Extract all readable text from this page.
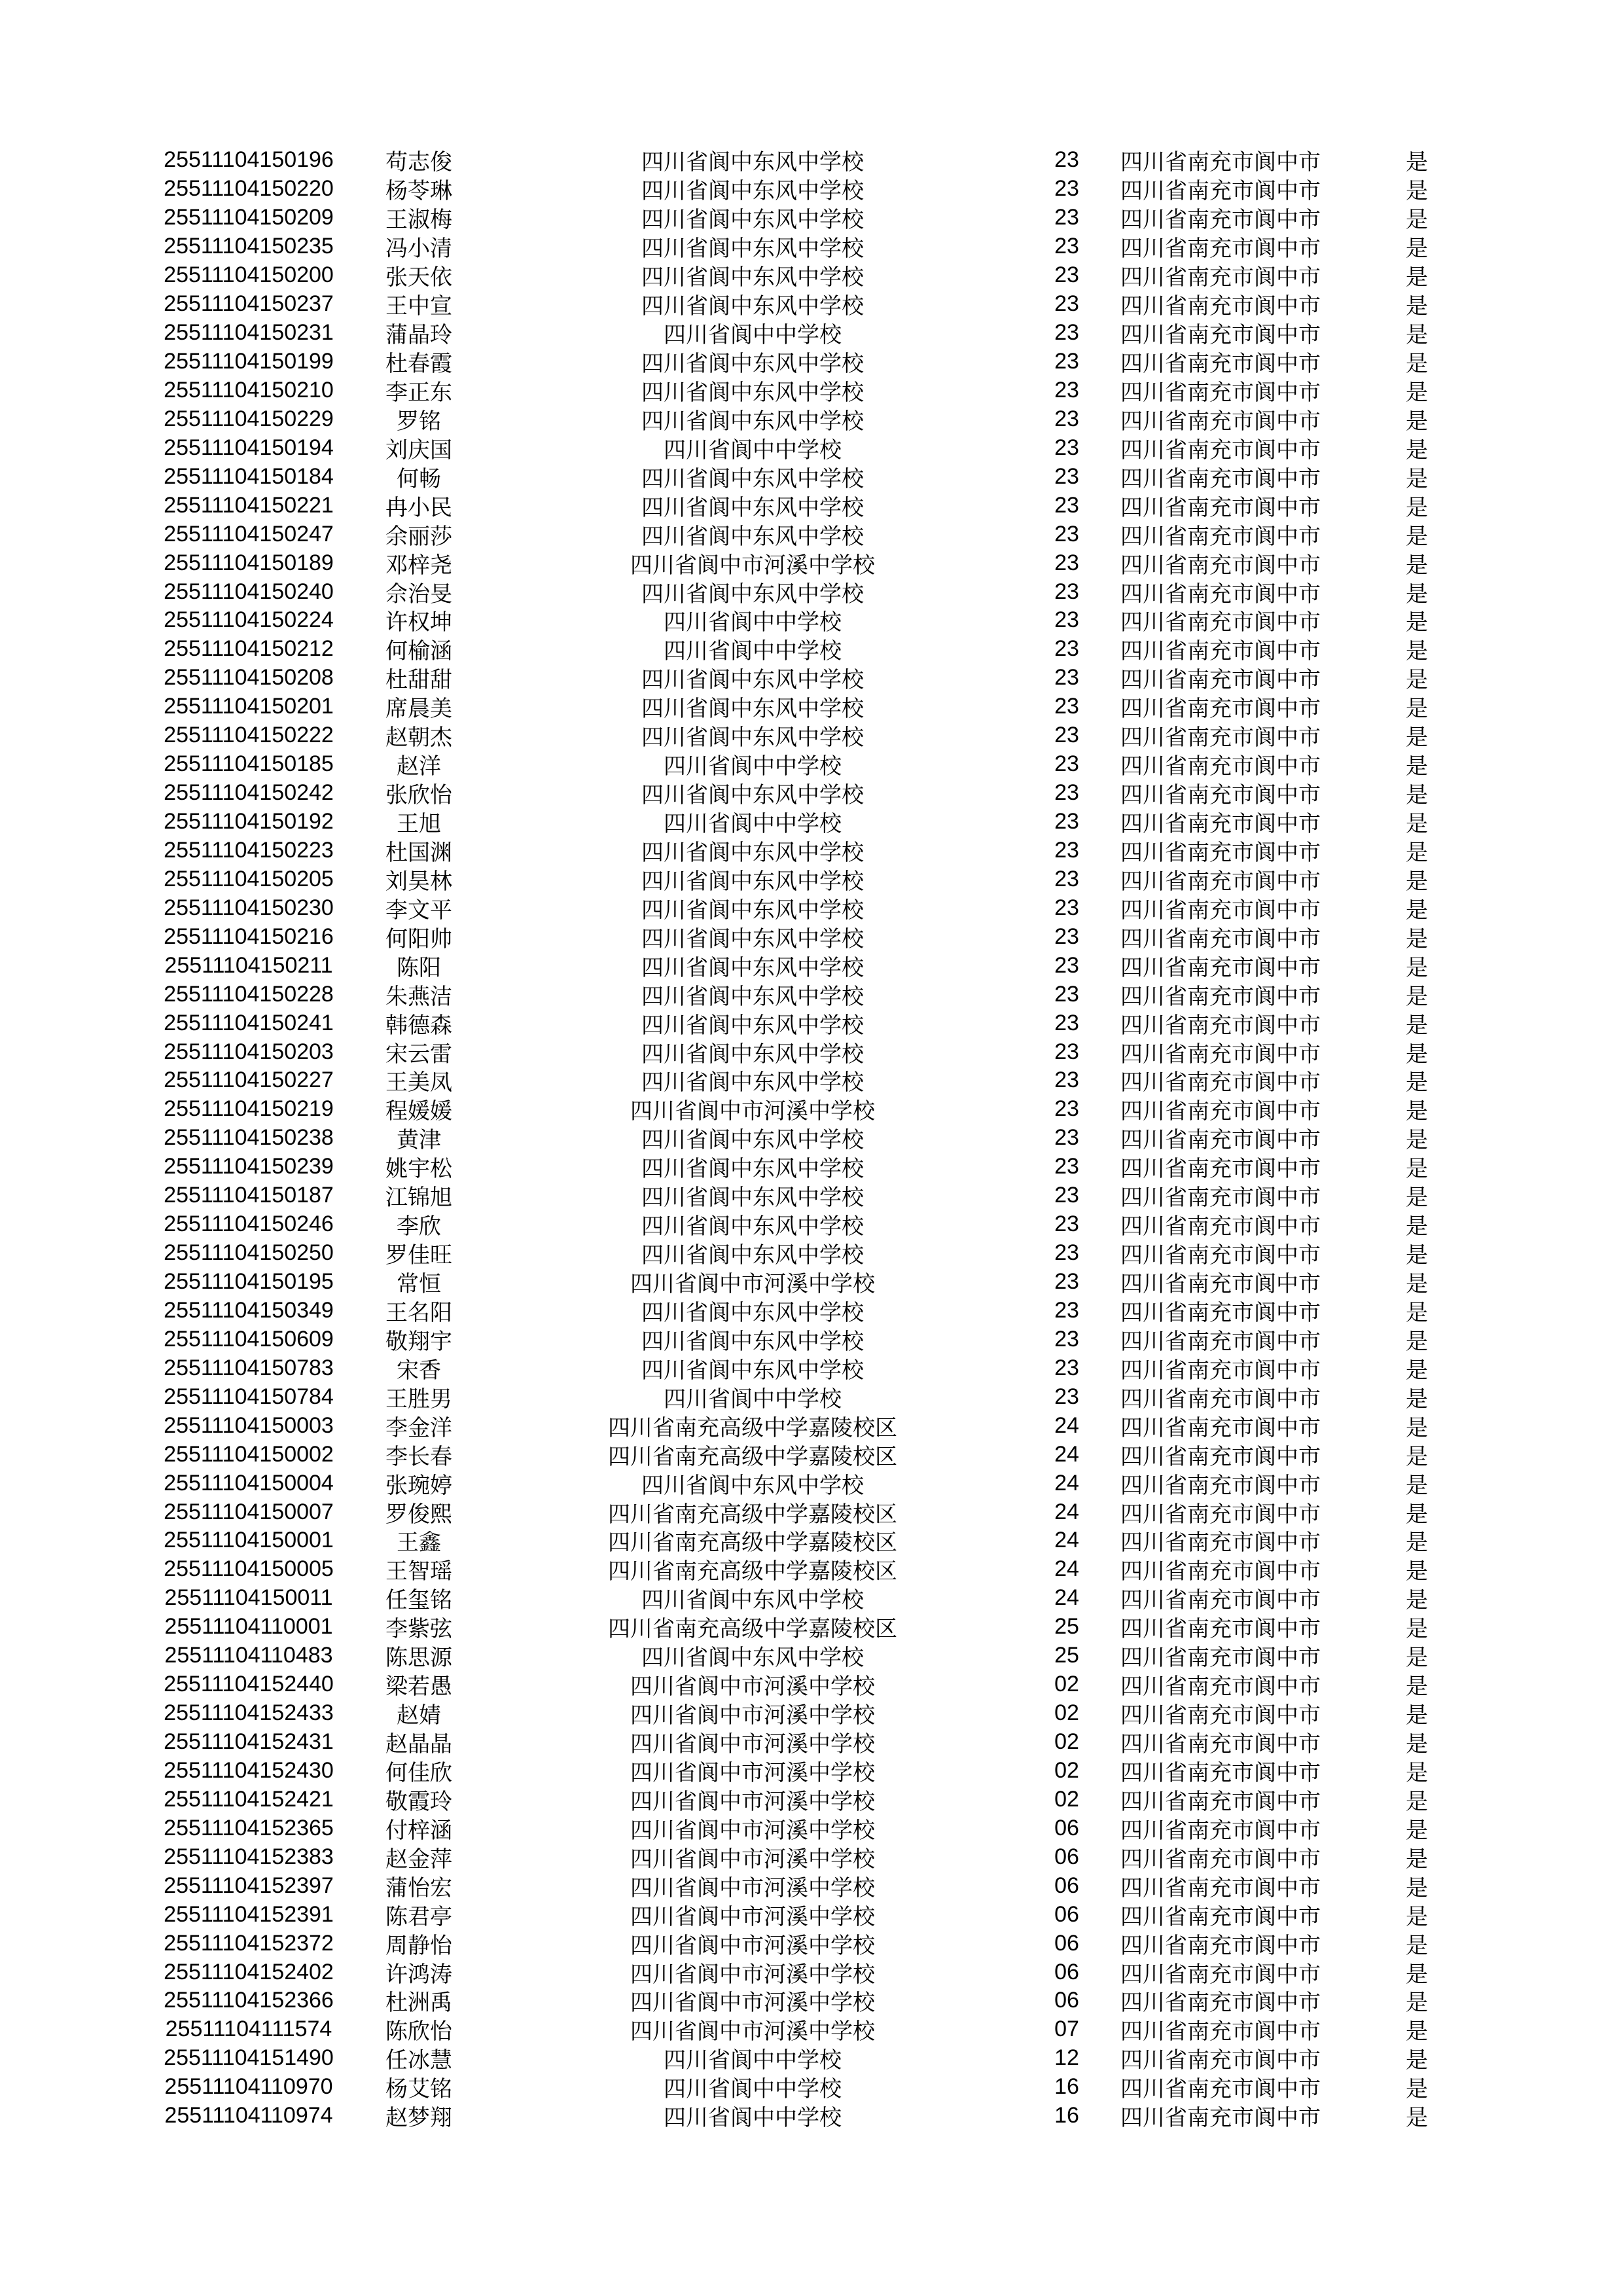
25511104150196	苟志俊	四川省阆中东风中学校	23	四川省南充市阆中市	是
25511104150220	杨苓琳	四川省阆中东风中学校	23	四川省南充市阆中市	是
25511104150209	王淑梅	四川省阆中东风中学校	23	四川省南充市阆中市	是
25511104150235	冯小清	四川省阆中东风中学校	23	四川省南充市阆中市	是
25511104150200	张天依	四川省阆中东风中学校	23	四川省南充市阆中市	是
25511104150237	王中宣	四川省阆中东风中学校	23	四川省南充市阆中市	是
25511104150231	蒲晶玲	四川省阆中中学校	23	四川省南充市阆中市	是
25511104150199	杜春霞	四川省阆中东风中学校	23	四川省南充市阆中市	是
25511104150210	李正东	四川省阆中东风中学校	23	四川省南充市阆中市	是
25511104150229	罗铭	四川省阆中东风中学校	23	四川省南充市阆中市	是
25511104150194	刘庆国	四川省阆中中学校	23	四川省南充市阆中市	是
25511104150184	何畅	四川省阆中东风中学校	23	四川省南充市阆中市	是
25511104150221	冉小民	四川省阆中东风中学校	23	四川省南充市阆中市	是
25511104150247	余丽莎	四川省阆中东风中学校	23	四川省南充市阆中市	是
25511104150189	邓梓尧	四川省阆中市河溪中学校	23	四川省南充市阆中市	是
25511104150240	佘治旻	四川省阆中东风中学校	23	四川省南充市阆中市	是
25511104150224	许权坤	四川省阆中中学校	23	四川省南充市阆中市	是
25511104150212	何榆涵	四川省阆中中学校	23	四川省南充市阆中市	是
25511104150208	杜甜甜	四川省阆中东风中学校	23	四川省南充市阆中市	是
25511104150201	席晨美	四川省阆中东风中学校	23	四川省南充市阆中市	是
25511104150222	赵朝杰	四川省阆中东风中学校	23	四川省南充市阆中市	是
25511104150185	赵洋	四川省阆中中学校	23	四川省南充市阆中市	是
25511104150242	张欣怡	四川省阆中东风中学校	23	四川省南充市阆中市	是
25511104150192	王旭	四川省阆中中学校	23	四川省南充市阆中市	是
25511104150223	杜国渊	四川省阆中东风中学校	23	四川省南充市阆中市	是
25511104150205	刘昊林	四川省阆中东风中学校	23	四川省南充市阆中市	是
25511104150230	李文平	四川省阆中东风中学校	23	四川省南充市阆中市	是
25511104150216	何阳帅	四川省阆中东风中学校	23	四川省南充市阆中市	是
25511104150211	陈阳	四川省阆中东风中学校	23	四川省南充市阆中市	是
25511104150228	朱燕洁	四川省阆中东风中学校	23	四川省南充市阆中市	是
25511104150241	韩德森	四川省阆中东风中学校	23	四川省南充市阆中市	是
25511104150203	宋云雷	四川省阆中东风中学校	23	四川省南充市阆中市	是
25511104150227	王美凤	四川省阆中东风中学校	23	四川省南充市阆中市	是
25511104150219	程媛媛	四川省阆中市河溪中学校	23	四川省南充市阆中市	是
25511104150238	黄津	四川省阆中东风中学校	23	四川省南充市阆中市	是
25511104150239	姚宇松	四川省阆中东风中学校	23	四川省南充市阆中市	是
25511104150187	江锦旭	四川省阆中东风中学校	23	四川省南充市阆中市	是
25511104150246	李欣	四川省阆中东风中学校	23	四川省南充市阆中市	是
25511104150250	罗佳旺	四川省阆中东风中学校	23	四川省南充市阆中市	是
25511104150195	常恒	四川省阆中市河溪中学校	23	四川省南充市阆中市	是
25511104150349	王名阳	四川省阆中东风中学校	23	四川省南充市阆中市	是
25511104150609	敬翔宇	四川省阆中东风中学校	23	四川省南充市阆中市	是
25511104150783	宋香	四川省阆中东风中学校	23	四川省南充市阆中市	是
25511104150784	王胜男	四川省阆中中学校	23	四川省南充市阆中市	是
25511104150003	李金洋	四川省南充高级中学嘉陵校区	24	四川省南充市阆中市	是
25511104150002	李长春	四川省南充高级中学嘉陵校区	24	四川省南充市阆中市	是
25511104150004	张琬婷	四川省阆中东风中学校	24	四川省南充市阆中市	是
25511104150007	罗俊熙	四川省南充高级中学嘉陵校区	24	四川省南充市阆中市	是
25511104150001	王鑫	四川省南充高级中学嘉陵校区	24	四川省南充市阆中市	是
25511104150005	王智瑶	四川省南充高级中学嘉陵校区	24	四川省南充市阆中市	是
25511104150011	任玺铭	四川省阆中东风中学校	24	四川省南充市阆中市	是
25511104110001	李紫弦	四川省南充高级中学嘉陵校区	25	四川省南充市阆中市	是
25511104110483	陈思源	四川省阆中东风中学校	25	四川省南充市阆中市	是
25511104152440	梁若愚	四川省阆中市河溪中学校	02	四川省南充市阆中市	是
25511104152433	赵婧	四川省阆中市河溪中学校	02	四川省南充市阆中市	是
25511104152431	赵晶晶	四川省阆中市河溪中学校	02	四川省南充市阆中市	是
25511104152430	何佳欣	四川省阆中市河溪中学校	02	四川省南充市阆中市	是
25511104152421	敬霞玲	四川省阆中市河溪中学校	02	四川省南充市阆中市	是
25511104152365	付梓涵	四川省阆中市河溪中学校	06	四川省南充市阆中市	是
25511104152383	赵金萍	四川省阆中市河溪中学校	06	四川省南充市阆中市	是
25511104152397	蒲怡宏	四川省阆中市河溪中学校	06	四川省南充市阆中市	是
25511104152391	陈君亭	四川省阆中市河溪中学校	06	四川省南充市阆中市	是
25511104152372	周静怡	四川省阆中市河溪中学校	06	四川省南充市阆中市	是
25511104152402	许鸿涛	四川省阆中市河溪中学校	06	四川省南充市阆中市	是
25511104152366	杜洲禹	四川省阆中市河溪中学校	06	四川省南充市阆中市	是
25511104111574	陈欣怡	四川省阆中市河溪中学校	07	四川省南充市阆中市	是
25511104151490	任冰慧	四川省阆中中学校	12	四川省南充市阆中市	是
25511104110970	杨艾铭	四川省阆中中学校	16	四川省南充市阆中市	是
25511104110974	赵梦翔	四川省阆中中学校	16	四川省南充市阆中市	是
